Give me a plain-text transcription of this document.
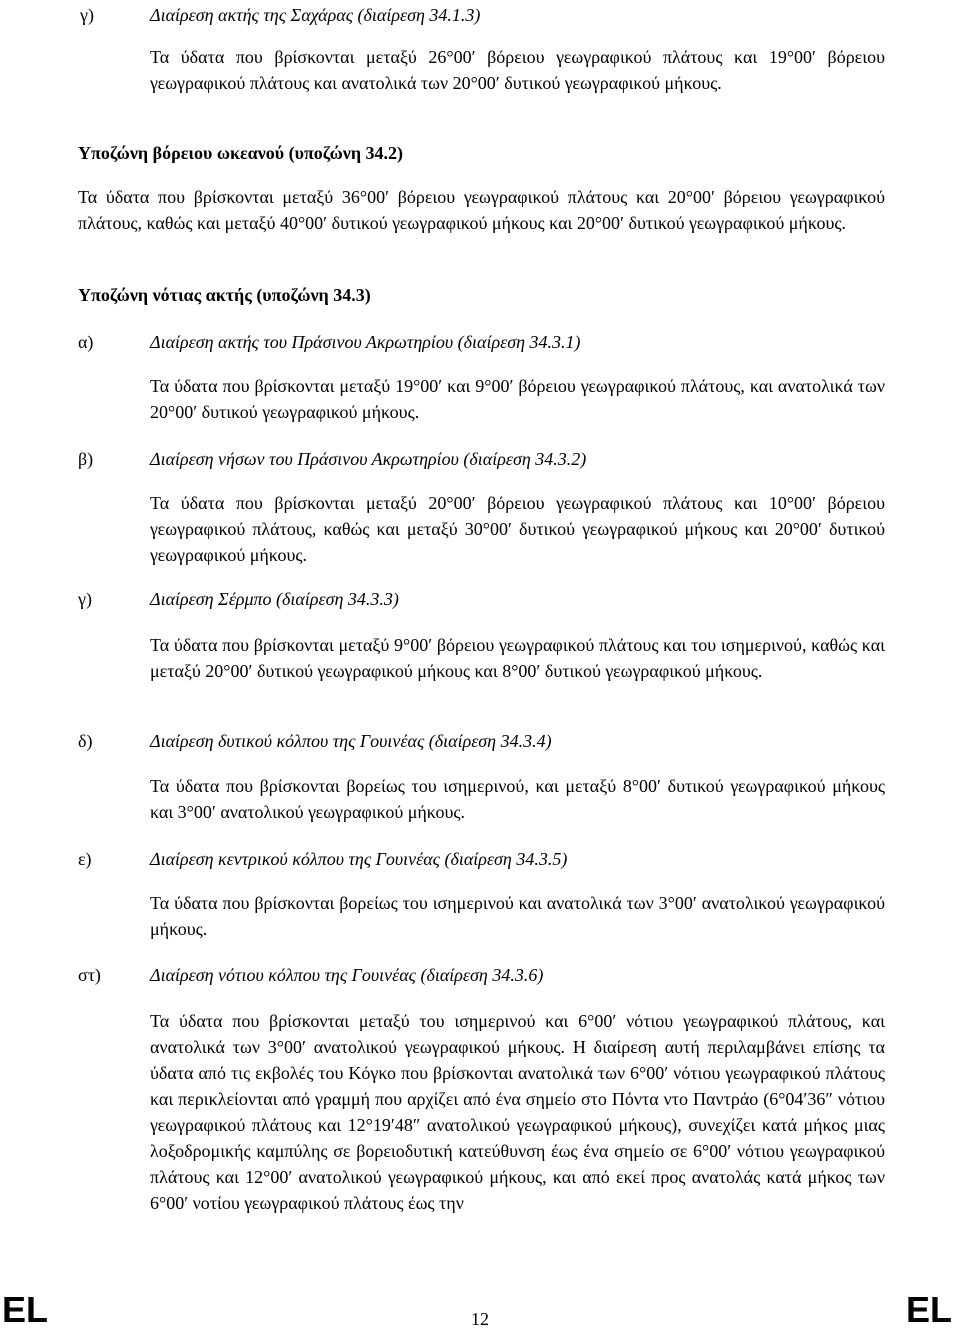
γ)	Διαίρεση ακτής της Σαχάρας (διαίρεση 34.1.3)
Τα ύδατα που βρίσκονται μεταξύ 26°00′ βόρειου γεωγραφικού πλάτους και 19°00′ βόρειου γεωγραφικού πλάτους και ανατολικά των 20°00′ δυτικού γεωγραφικού μήκους.
Υποζώνη βόρειου ωκεανού (υποζώνη 34.2)
Τα ύδατα που βρίσκονται μεταξύ 36°00′ βόρειου γεωγραφικού πλάτους και 20°00′ βόρειου γεωγραφικού πλάτους, καθώς και μεταξύ 40°00′ δυτικού γεωγραφικού μήκους και 20°00′ δυτικού γεωγραφικού μήκους.
Υποζώνη νότιας ακτής (υποζώνη 34.3)
α)	Διαίρεση ακτής του Πράσινου Ακρωτηρίου (διαίρεση 34.3.1)
Τα ύδατα που βρίσκονται μεταξύ 19°00′ και 9°00′ βόρειου γεωγραφικού πλάτους, και ανατολικά των 20°00′ δυτικού γεωγραφικού μήκους.
β)	Διαίρεση νήσων του Πράσινου Ακρωτηρίου (διαίρεση 34.3.2)
Τα ύδατα που βρίσκονται μεταξύ 20°00′ βόρειου γεωγραφικού πλάτους και 10°00′ βόρειου γεωγραφικού πλάτους, καθώς και μεταξύ 30°00′ δυτικού γεωγραφικού μήκους και 20°00′ δυτικού γεωγραφικού μήκους.
γ)	Διαίρεση Σέρμπο (διαίρεση 34.3.3)
Τα ύδατα που βρίσκονται μεταξύ 9°00′ βόρειου γεωγραφικού πλάτους και του ισημερινού, καθώς και μεταξύ 20°00′ δυτικού γεωγραφικού μήκους και 8°00′ δυτικού γεωγραφικού μήκους.
δ)	Διαίρεση δυτικού κόλπου της Γουινέας (διαίρεση 34.3.4)
Τα ύδατα που βρίσκονται βορείως του ισημερινού, και μεταξύ 8°00′ δυτικού γεωγραφικού μήκους και 3°00′ ανατολικού γεωγραφικού μήκους.
ε)	Διαίρεση κεντρικού κόλπου της Γουινέας (διαίρεση 34.3.5)
Τα ύδατα που βρίσκονται βορείως του ισημερινού και ανατολικά των 3°00′ ανατολικού γεωγραφικού μήκους.
στ)	Διαίρεση νότιου κόλπου της Γουινέας (διαίρεση 34.3.6)
Τα ύδατα που βρίσκονται μεταξύ του ισημερινού και 6°00′ νότιου γεωγραφικού πλάτους, και ανατολικά των 3°00′ ανατολικού γεωγραφικού μήκους. Η διαίρεση αυτή περιλαμβάνει επίσης τα ύδατα από τις εκβολές του Κόγκο που βρίσκονται ανατολικά των 6°00′ νότιου γεωγραφικού πλάτους και περικλείονται από γραμμή που αρχίζει από ένα σημείο στο Πόντα ντο Παντράο (6°04′36″ νότιου γεωγραφικού πλάτους και 12°19′48″ ανατολικού γεωγραφικού μήκους), συνεχίζει κατά μήκος μιας λοξοδρομικής καμπύλης σε βορειοδυτική κατεύθυνση έως ένα σημείο σε 6°00′ νότιου γεωγραφικού πλάτους και 12°00′ ανατολικού γεωγραφικού μήκους, και από εκεί προς ανατολάς κατά μήκος των 6°00′ νοτίου γεωγραφικού πλάτους έως την
EL	12	EL
